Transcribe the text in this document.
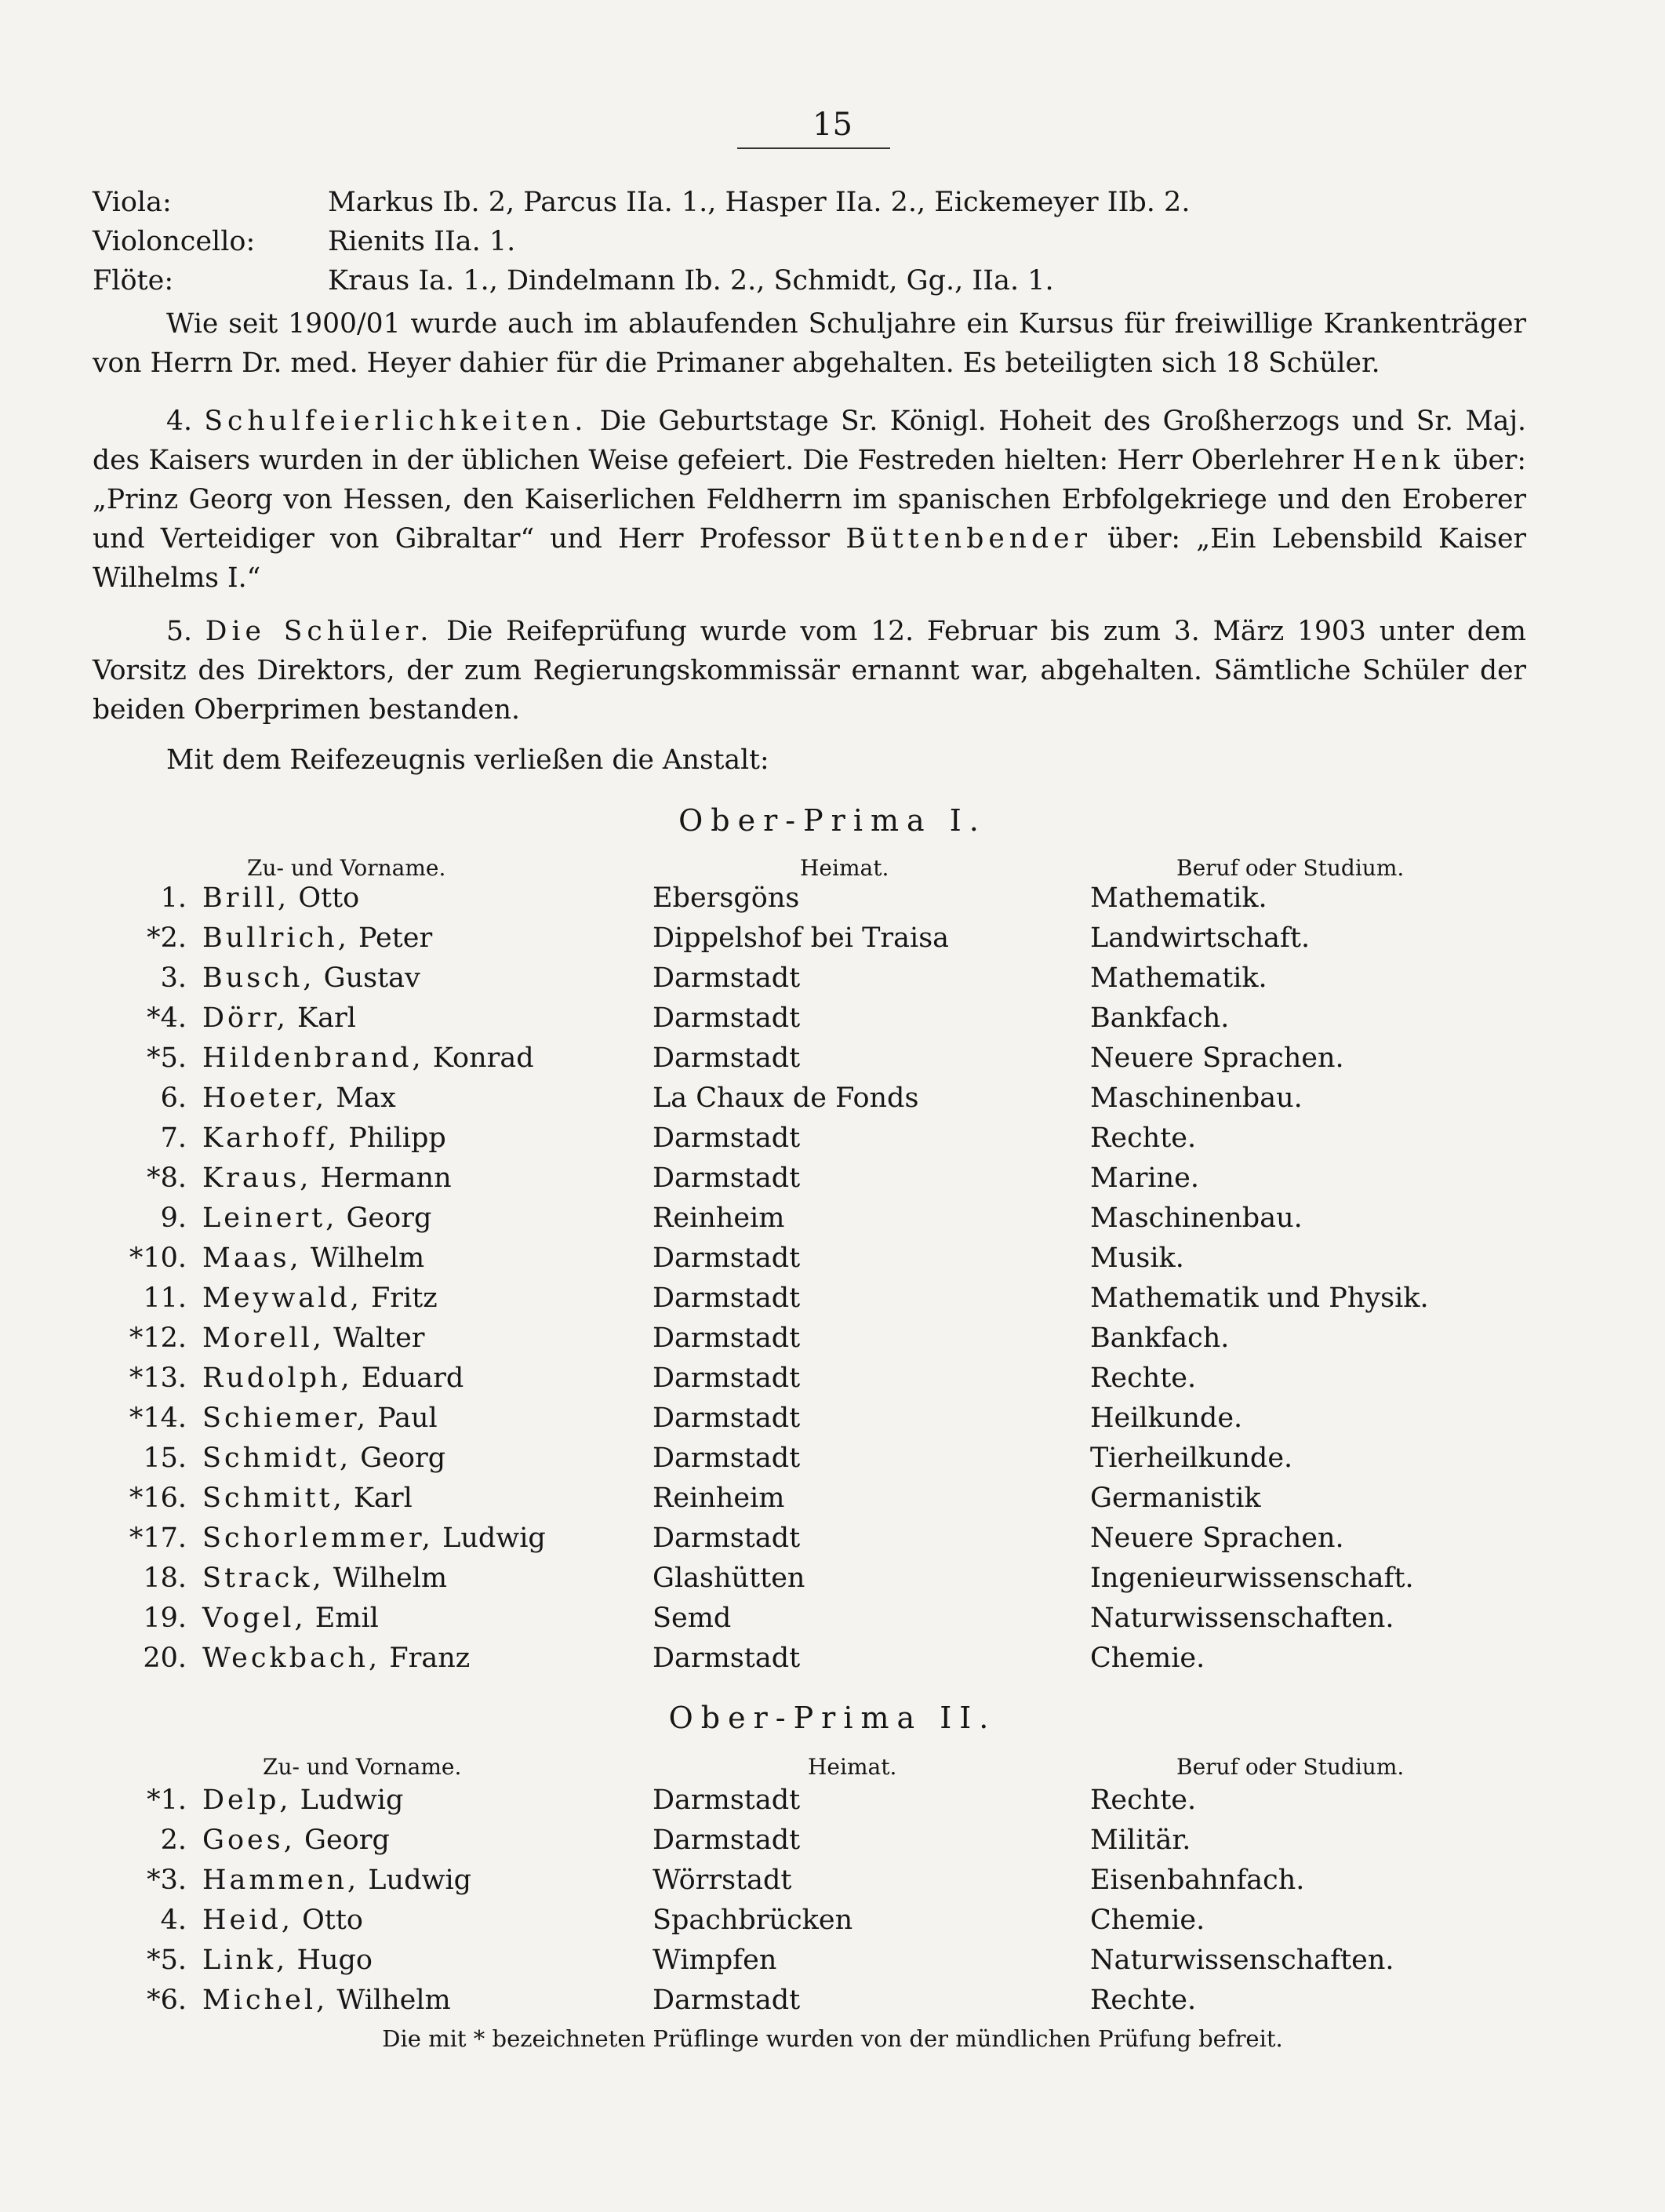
15
Viola:	Markus Ib. 2, Parcus IIa. 1., Hasper IIa. 2., Eickemeyer IIb. 2.
Violoncello:	Rienits IIa. 1.
Flöte:	Kraus Ia. 1., Dindelmann Ib. 2., Schmidt, Gg., IIa. 1.

Wie seit 1900/01 wurde auch im ablaufenden Schuljahre ein Kursus für freiwillige Krankenträger von Herrn Dr. med. Heyer dahier für die Primaner abgehalten. Es beteiligten sich 18 Schüler.

4. Schulfeierlichkeiten. Die Geburtstage Sr. Königl. Hoheit des Großherzogs und Sr. Maj. des Kaisers wurden in der üblichen Weise gefeiert. Die Festreden hielten: Herr Oberlehrer Henk über: „Prinz Georg von Hessen, den Kaiserlichen Feldherrn im spanischen Erbfolgekriege und den Eroberer und Verteidiger von Gibraltar“ und Herr Professor Büttenbender über: „Ein Lebensbild Kaiser Wilhelms I.“

5. Die Schüler. Die Reifeprüfung wurde vom 12. Februar bis zum 3. März 1903 unter dem Vorsitz des Direktors, der zum Regierungskommissär ernannt war, abgehalten. Sämtliche Schüler der beiden Oberprimen bestanden.

Mit dem Reifezeugnis verließen die Anstalt:

Ober-Prima I.
Zu- und Vorname.	Heimat.	Beruf oder Studium.
1. Brill, Otto	Ebersgöns	Mathematik.
*2. Bullrich, Peter	Dippelshof bei Traisa	Landwirtschaft.
3. Busch, Gustav	Darmstadt	Mathematik.
*4. Dörr, Karl	Darmstadt	Bankfach.
*5. Hildenbrand, Konrad	Darmstadt	Neuere Sprachen.
6. Hoeter, Max	La Chaux de Fonds	Maschinenbau.
7. Karhoff, Philipp	Darmstadt	Rechte.
*8. Kraus, Hermann	Darmstadt	Marine.
9. Leinert, Georg	Reinheim	Maschinenbau.
*10. Maas, Wilhelm	Darmstadt	Musik.
11. Meywald, Fritz	Darmstadt	Mathematik und Physik.
*12. Morell, Walter	Darmstadt	Bankfach.
*13. Rudolph, Eduard	Darmstadt	Rechte.
*14. Schiemer, Paul	Darmstadt	Heilkunde.
15. Schmidt, Georg	Darmstadt	Tierheilkunde.
*16. Schmitt, Karl	Reinheim	Germanistik
*17. Schorlemmer, Ludwig	Darmstadt	Neuere Sprachen.
18. Strack, Wilhelm	Glashütten	Ingenieurwissenschaft.
19. Vogel, Emil	Semd	Naturwissenschaften.
20. Weckbach, Franz	Darmstadt	Chemie.
Ober-Prima II.
Zu- und Vorname.	Heimat.	Beruf oder Studium.
*1. Delp, Ludwig	Darmstadt	Rechte.
2. Goes, Georg	Darmstadt	Militär.
*3. Hammen, Ludwig	Wörrstadt	Eisenbahnfach.
4. Heid, Otto	Spachbrücken	Chemie.
*5. Link, Hugo	Wimpfen	Naturwissenschaften.
*6. Michel, Wilhelm	Darmstadt	Rechte.
Die mit * bezeichneten Prüflinge wurden von der mündlichen Prüfung befreit.
